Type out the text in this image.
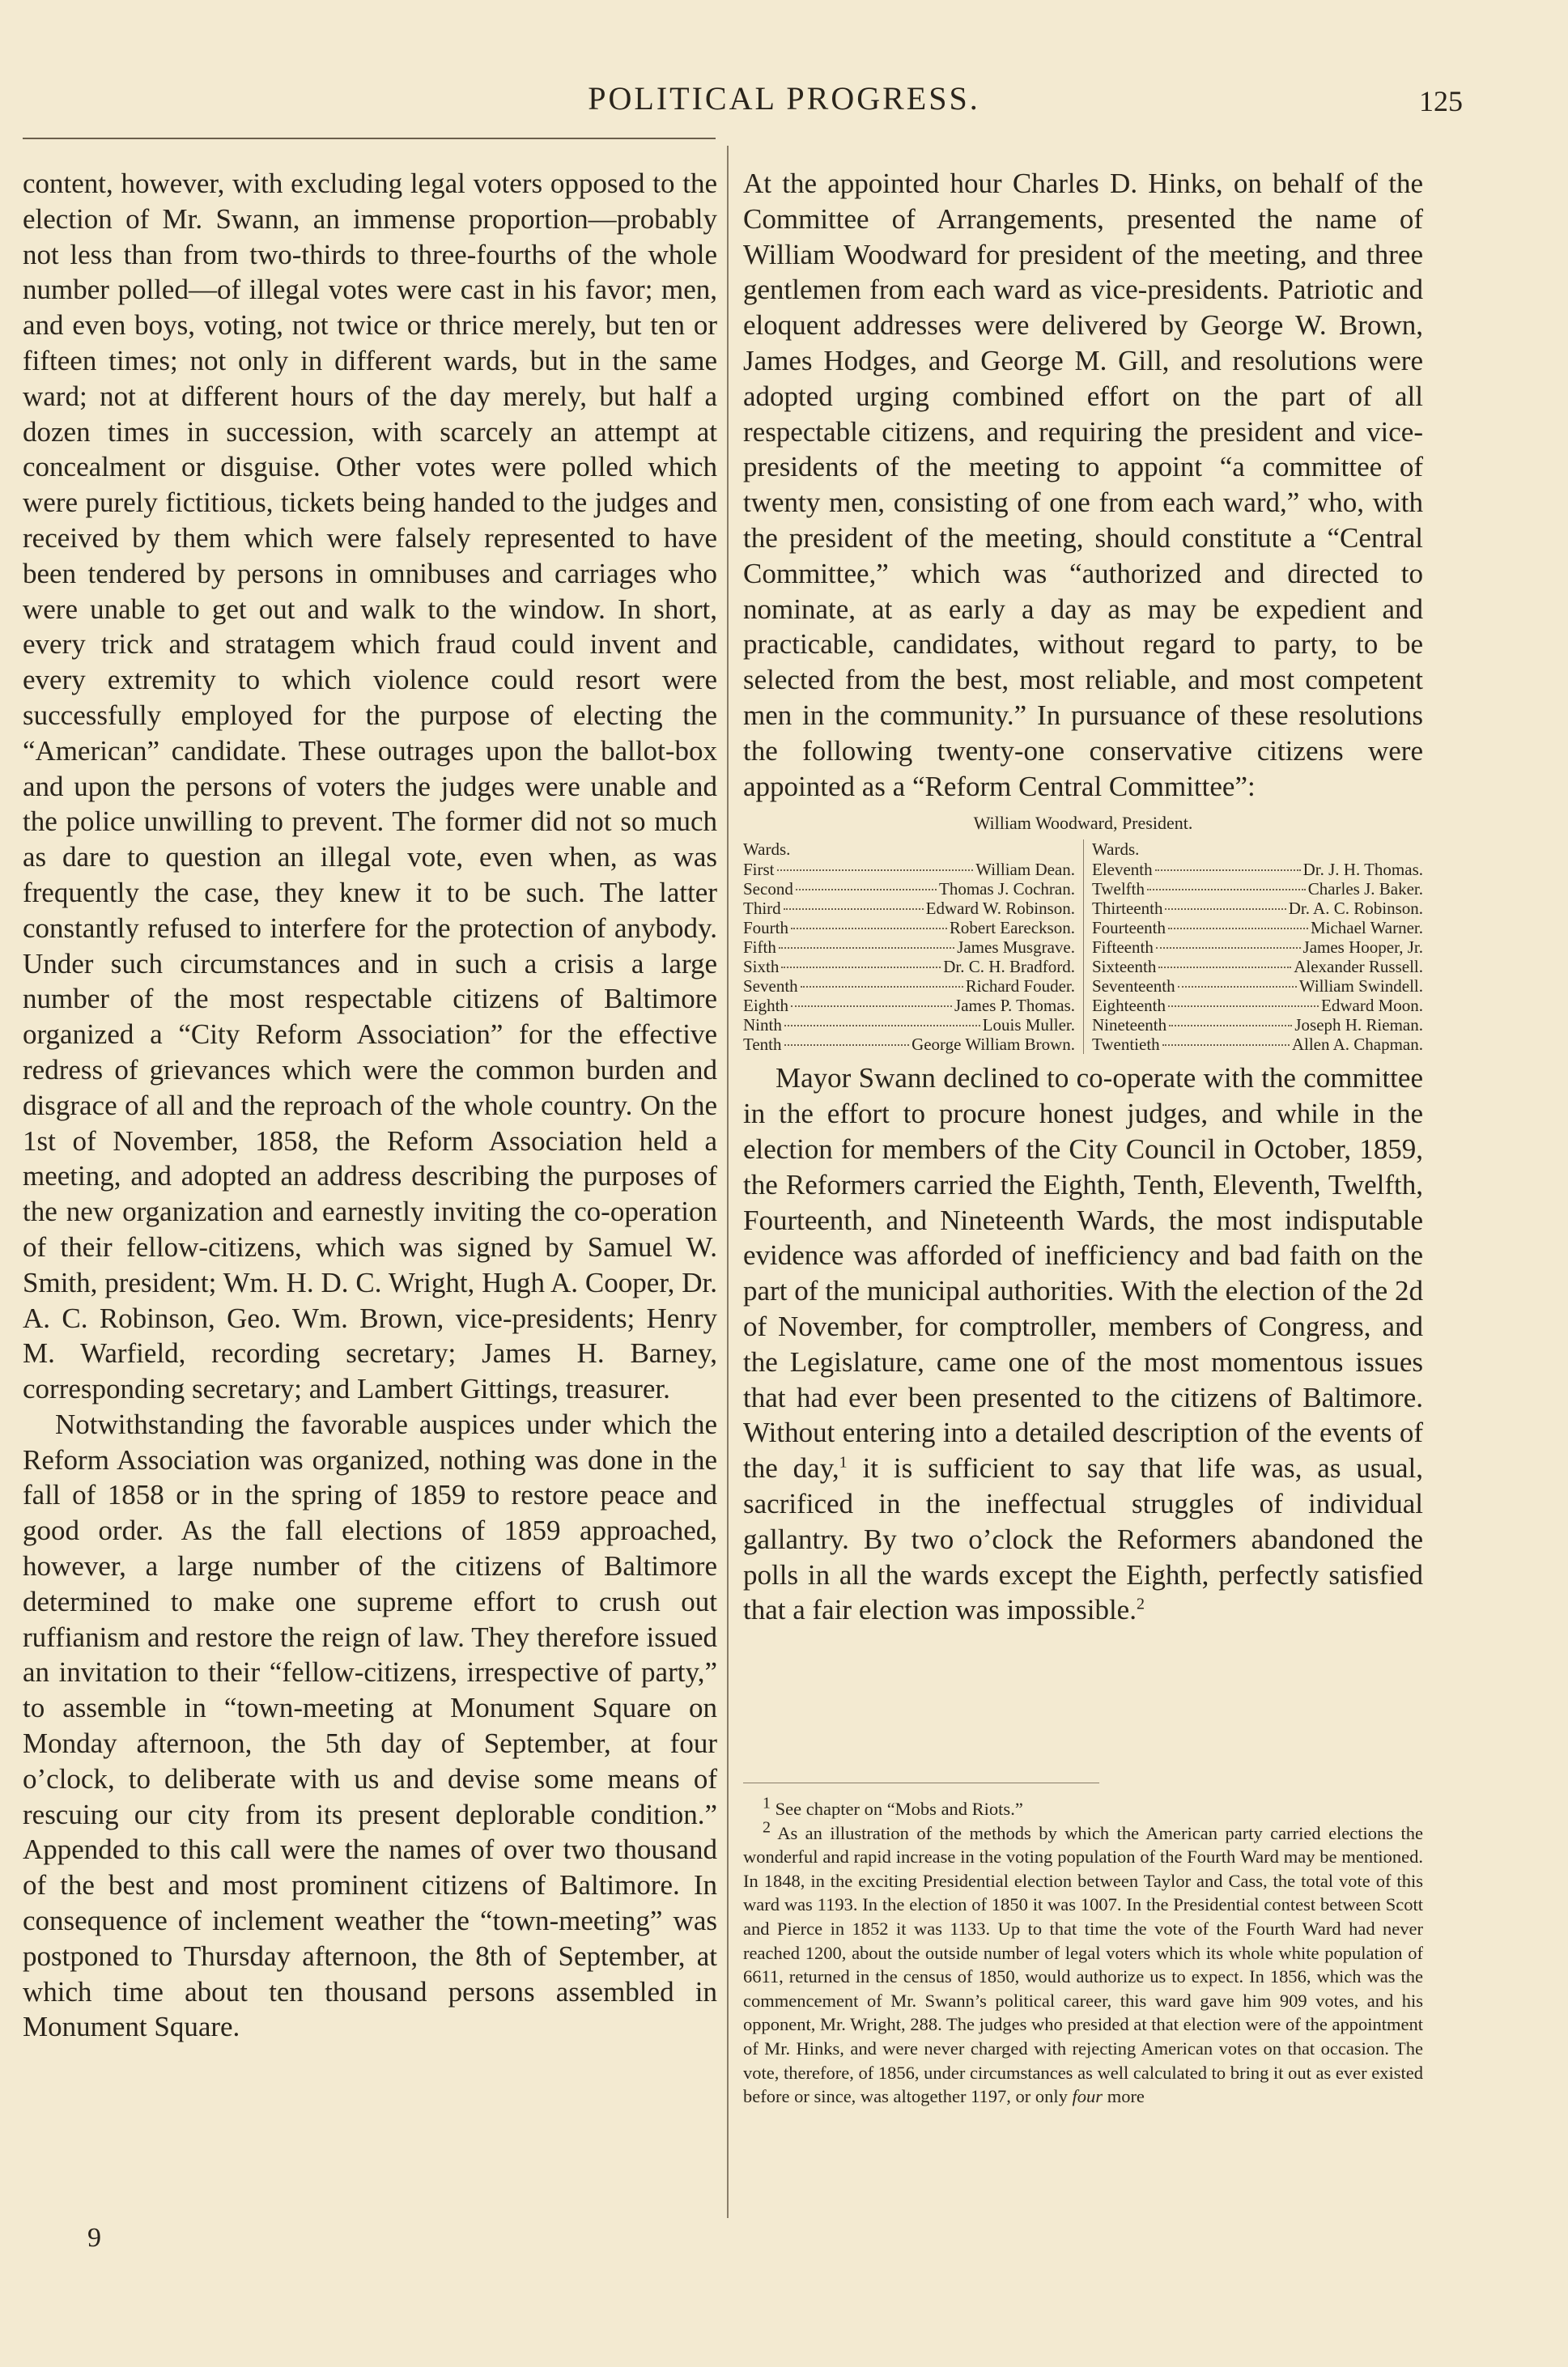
POLITICAL PROGRESS.	125

content, however, with excluding legal voters opposed to the election of Mr. Swann, an immense proportion—probably not less than from two-thirds to three-fourths of the whole number polled—of illegal votes were cast in his favor; men, and even boys, voting, not twice or thrice merely, but ten or fifteen times; not only in different wards, but in the same ward; not at different hours of the day merely, but half a dozen times in succession, with scarcely an attempt at concealment or disguise. Other votes were polled which were purely fictitious, tickets being handed to the judges and received by them which were falsely represented to have been tendered by persons in omnibuses and carriages who were unable to get out and walk to the window. In short, every trick and stratagem which fraud could invent and every extremity to which violence could resort were successfully employed for the purpose of electing the “American” candidate. These outrages upon the ballot-box and upon the persons of voters the judges were unable and the police unwilling to prevent. The former did not so much as dare to question an illegal vote, even when, as was frequently the case, they knew it to be such. The latter constantly refused to interfere for the protection of anybody. Under such circumstances and in such a crisis a large number of the most respectable citizens of Baltimore organized a “City Reform Association” for the effective redress of grievances which were the common burden and disgrace of all and the reproach of the whole country. On the 1st of November, 1858, the Reform Association held a meeting, and adopted an address describing the purposes of the new organization and earnestly inviting the co-operation of their fellow-citizens, which was signed by Samuel W. Smith, president; Wm. H. D. C. Wright, Hugh A. Cooper, Dr. A. C. Robinson, Geo. Wm. Brown, vice-presidents; Henry M. Warfield, recording secretary; James H. Barney, corresponding secretary; and Lambert Gittings, treasurer.

Notwithstanding the favorable auspices under which the Reform Association was organized, nothing was done in the fall of 1858 or in the spring of 1859 to restore peace and good order. As the fall elections of 1859 approached, however, a large number of the citizens of Baltimore determined to make one supreme effort to crush out ruffianism and restore the reign of law. They therefore issued an invitation to their “fellow-citizens, irrespective of party,” to assemble in “town-meeting at Monument Square on Monday afternoon, the 5th day of September, at four o’clock, to deliberate with us and devise some means of rescuing our city from its present deplorable condition.” Appended to this call were the names of over two thousand of the best and most prominent citizens of Baltimore. In consequence of inclement weather the “town-meeting” was postponed to Thursday afternoon, the 8th of September, at which time about ten thousand persons assembled in Monument Square.

9

At the appointed hour Charles D. Hinks, on behalf of the Committee of Arrangements, presented the name of William Woodward for president of the meeting, and three gentlemen from each ward as vice-presidents. Patriotic and eloquent addresses were delivered by George W. Brown, James Hodges, and George M. Gill, and resolutions were adopted urging combined effort on the part of all respectable citizens, and requiring the president and vice-presidents of the meeting to appoint “a committee of twenty men, consisting of one from each ward,” who, with the president of the meeting, should constitute a “Central Committee,” which was “authorized and directed to nominate, at as early a day as may be expedient and practicable, candidates, without regard to party, to be selected from the best, most reliable, and most competent men in the community.” In pursuance of these resolutions the following twenty-one conservative citizens were appointed as a “Reform Central Committee”:

William Woodward, President.
Wards.
First	William Dean.
Second	Thomas J. Cochran.
Third	Edward W. Robinson.
Fourth	Robert Eareckson.
Fifth	James Musgrave.
Sixth	Dr. C. H. Bradford.
Seventh	Richard Fouder.
Eighth	James P. Thomas.
Ninth	Louis Muller.
Tenth	George William Brown.
Wards.
Eleventh	Dr. J. H. Thomas.
Twelfth	Charles J. Baker.
Thirteenth	Dr. A. C. Robinson.
Fourteenth	Michael Warner.
Fifteenth	James Hooper, Jr.
Sixteenth	Alexander Russell.
Seventeenth	William Swindell.
Eighteenth	Edward Moon.
Nineteenth	Joseph H. Rieman.
Twentieth	Allen A. Chapman.

Mayor Swann declined to co-operate with the committee in the effort to procure honest judges, and while in the election for members of the City Council in October, 1859, the Reformers carried the Eighth, Tenth, Eleventh, Twelfth, Fourteenth, and Nineteenth Wards, the most indisputable evidence was afforded of inefficiency and bad faith on the part of the municipal authorities. With the election of the 2d of November, for comptroller, members of Congress, and the Legislature, came one of the most momentous issues that had ever been presented to the citizens of Baltimore. Without entering into a detailed description of the events of the day,$^1$ it is sufficient to say that life was, as usual, sacrificed in the ineffectual struggles of individual gallantry. By two o’clock the Reformers abandoned the polls in all the wards except the Eighth, perfectly satisfied that a fair election was impossible.$^2$

$^1$ See chapter on “Mobs and Riots.”

$^2$ As an illustration of the methods by which the American party carried elections the wonderful and rapid increase in the voting population of the Fourth Ward may be mentioned. In 1848, in the exciting Presidential election between Taylor and Cass, the total vote of this ward was 1193. In the election of 1850 it was 1007. In the Presidential contest between Scott and Pierce in 1852 it was 1133. Up to that time the vote of the Fourth Ward had never reached 1200, about the outside number of legal voters which its whole white population of 6611, returned in the census of 1850, would authorize us to expect. In 1856, which was the commencement of Mr. Swann’s political career, this ward gave him 909 votes, and his opponent, Mr. Wright, 288. The judges who presided at that election were of the appointment of Mr. Hinks, and were never charged with rejecting American votes on that occasion. The vote, therefore, of 1856, under circumstances as well calculated to bring it out as ever existed before or since, was altogether 1197, or only four more
